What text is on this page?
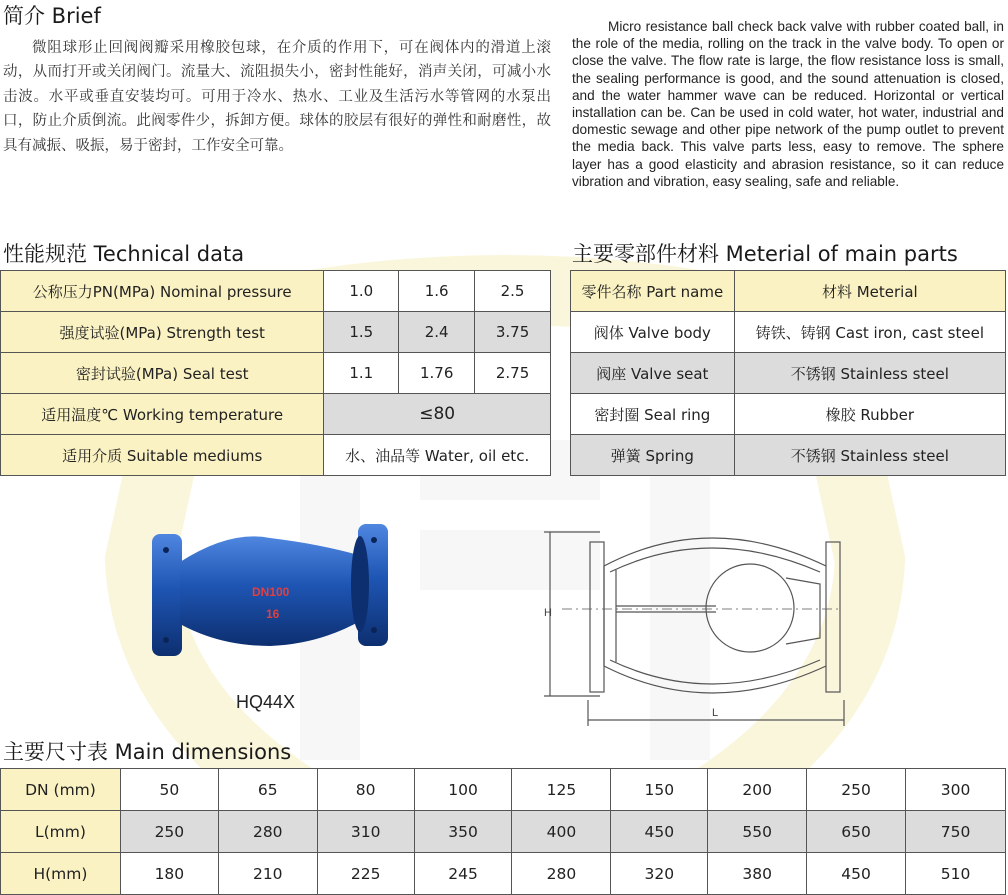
简介 Brief
微阻球形止回阀阀瓣采用橡胶包球，在介质的作用下，可在阀体内的滑道上滚动，从而打开或关闭阀门。流量大、流阻损失小，密封性能好，消声关闭，可减小水击波。水平或垂直安装均可。可用于冷水、热水、工业及生活污水等管网的水泵出口，防止介质倒流。此阀零件少，拆卸方便。球体的胶层有很好的弹性和耐磨性，故具有减振、吸振，易于密封，工作安全可靠。
Micro resistance ball check back valve with rubber coated ball, in the role of the media, rolling on the track in the valve body. To open or close the valve. The flow rate is large, the flow resistance loss is small, the sealing performance is good, and the sound attenuation is closed, and the water hammer wave can be reduced. Horizontal or vertical installation can be. Can be used in cold water, hot water, industrial and domestic sewage and other pipe network of the pump outlet to prevent the media back. This valve parts less, easy to remove. The sphere layer has a good elasticity and abrasion resistance, so it can reduce vibration and vibration, easy sealing, safe and reliable.
性能规范 Technical data
公称压力PN(MPa) Nominal pressure	1.0	1.6	2.5
强度试验(MPa) Strength test	1.5	2.4	3.75
密封试验(MPa) Seal test	1.1	1.76	2.75
适用温度℃ Working temperature	≤80		
适用介质 Suitable mediums	水、油品等 Water, oil etc.		
主要零部件材料 Meterial of main parts
零件名称 Part name	材料 Meterial
阀体 Valve body	铸铁、铸钢 Cast iron, cast steel
阀座 Valve seat	不锈钢 Stainless steel
密封圈 Seal ring	橡胶 Rubber
弹簧 Spring	不锈钢 Stainless steel
DN100
16
HQ44X
H
L
主要尺寸表 Main dimensions
DN (mm)	50	65	80	100	125	150	200	250	300
L(mm)	250	280	310	350	400	450	550	650	750
H(mm)	180	210	225	245	280	320	380	450	510
